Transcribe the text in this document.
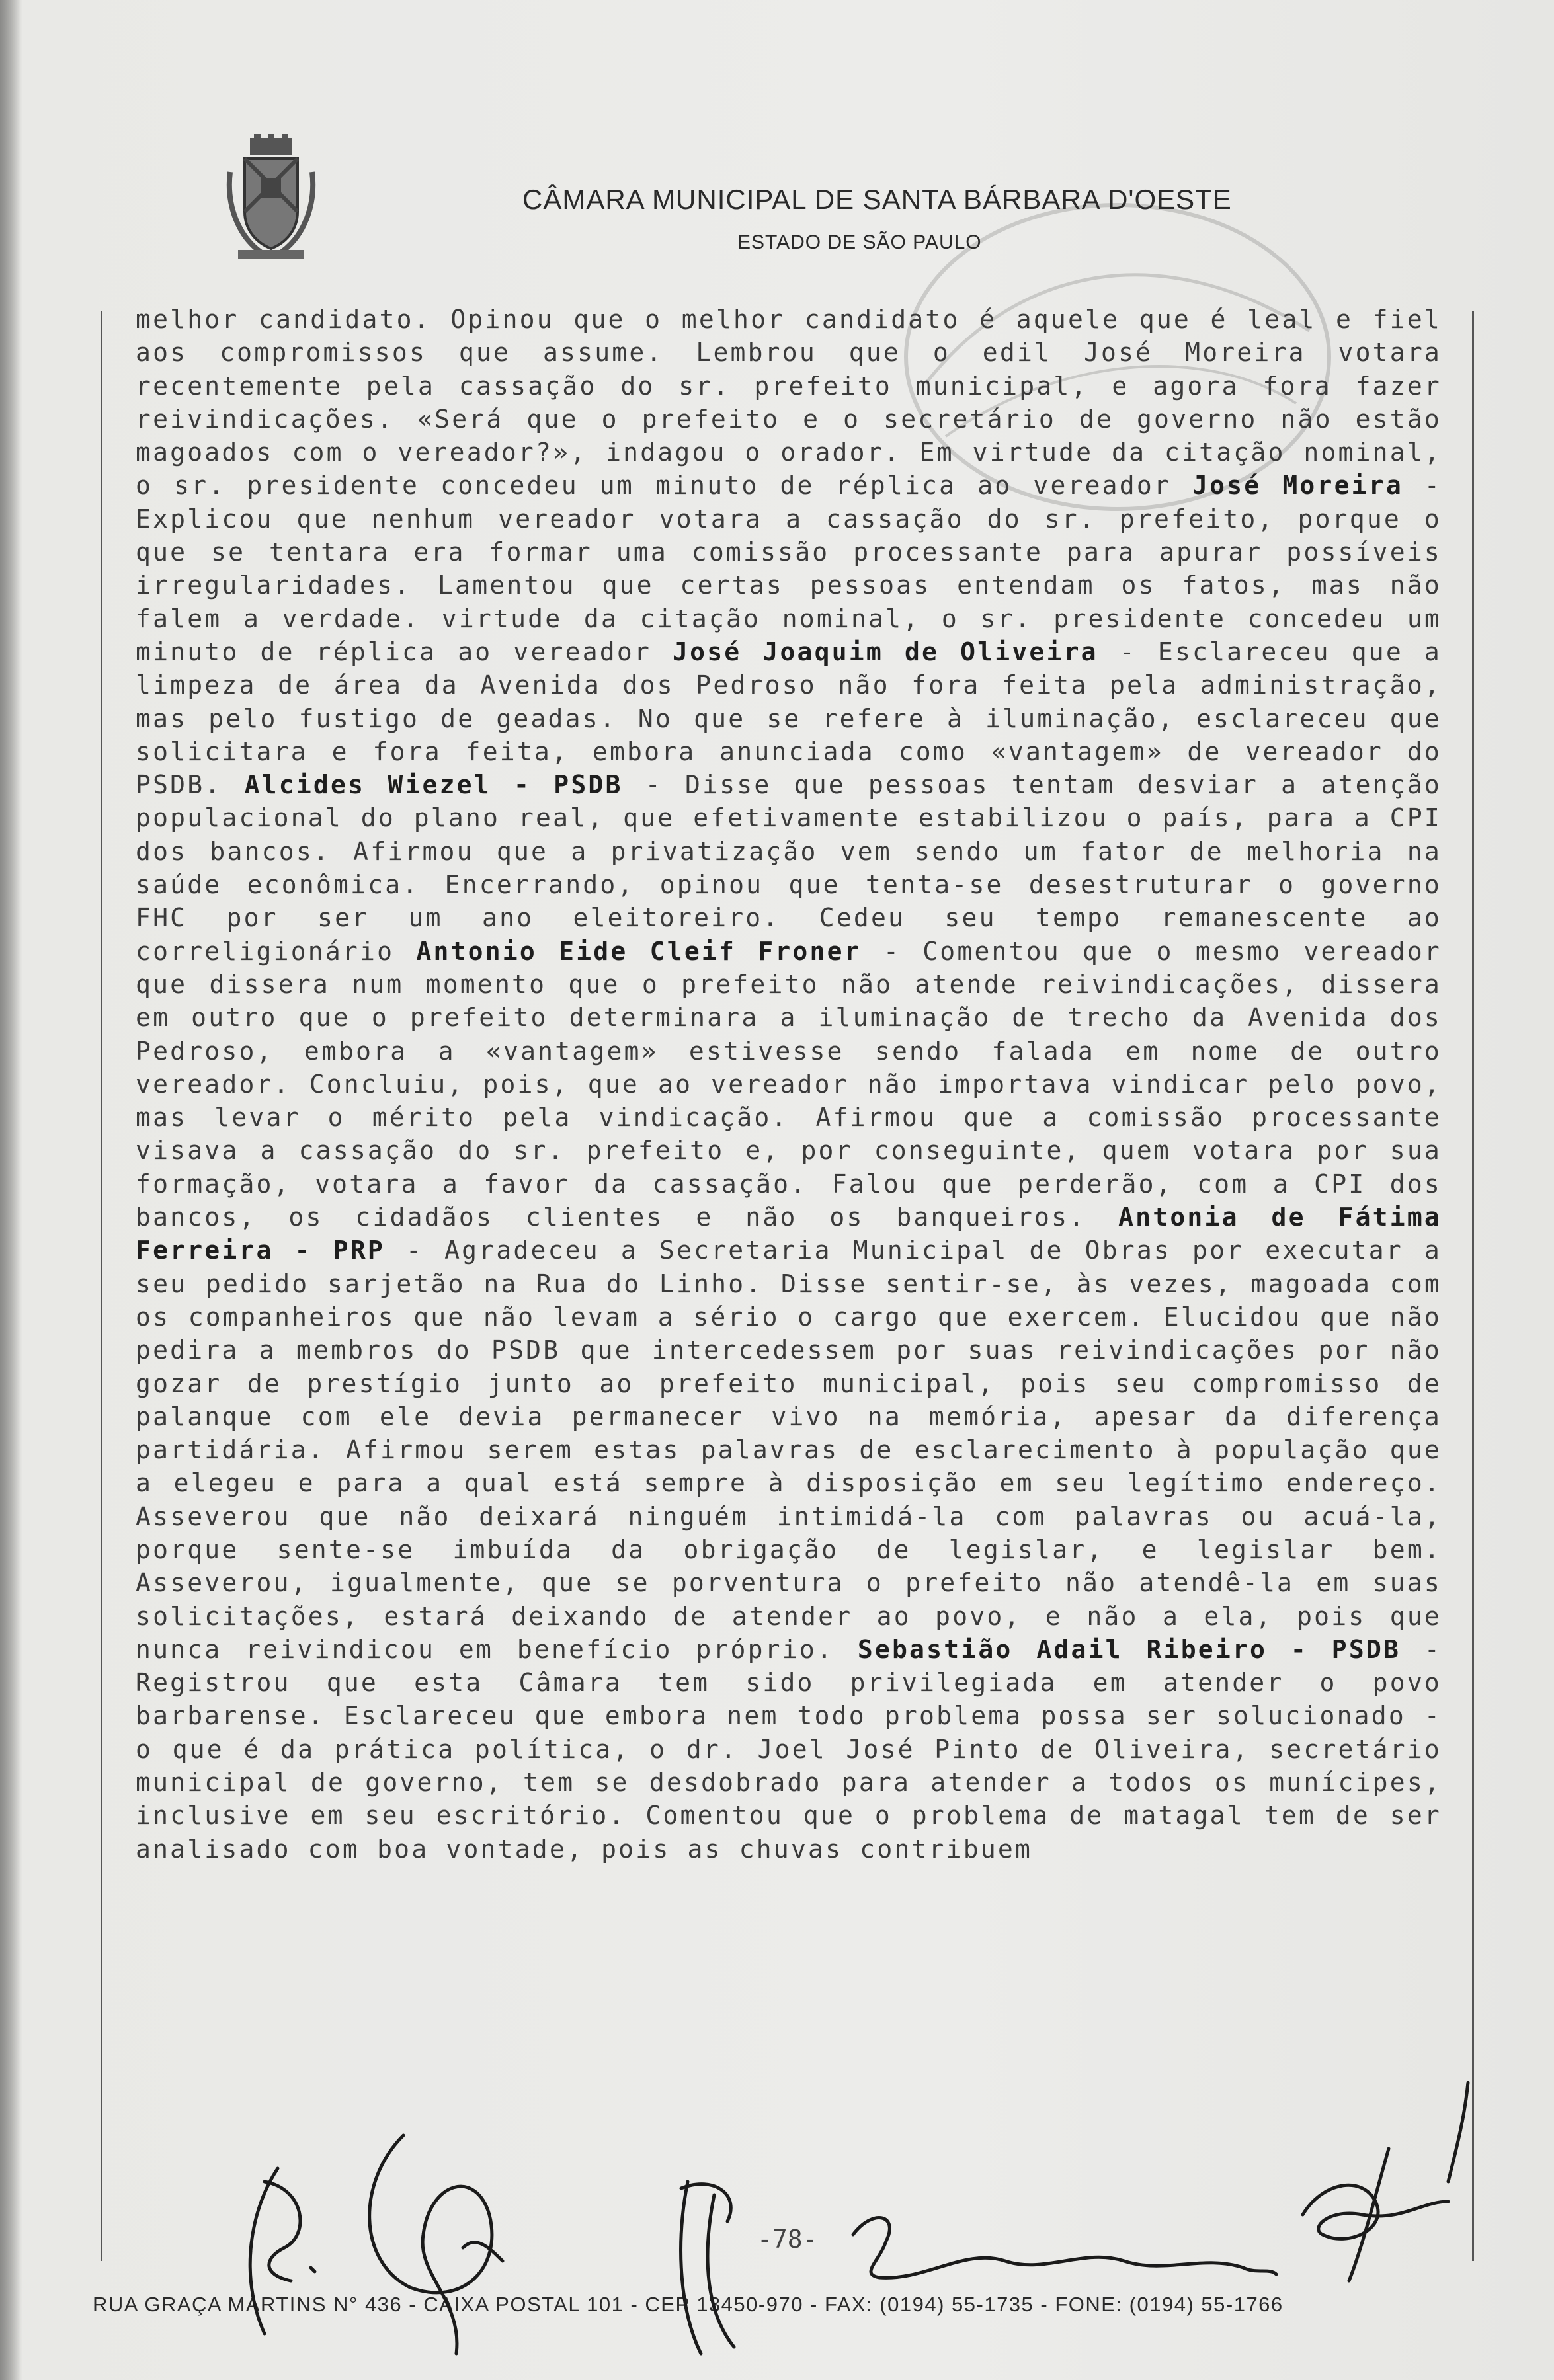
CÂMARA MUNICIPAL DE SANTA BÁRBARA D'OESTE
ESTADO DE SÃO PAULO

melhor candidato. Opinou que o melhor candidato é aquele que é leal e fiel aos compromissos que assume. Lembrou que o edil José Moreira votara recentemente pela cassação do sr. prefeito municipal, e agora fora fazer reivindicações. «Será que o prefeito e o secretário de governo não estão magoados com o vereador?», indagou o orador. Em virtude da citação nominal, o sr. presidente concedeu um minuto de réplica ao vereador José Moreira - Explicou que nenhum vereador votara a cassação do sr. prefeito, porque o que se tentara era formar uma comissão processante para apurar possíveis irregularidades. Lamentou que certas pessoas entendam os fatos, mas não falem a verdade. virtude da citação nominal, o sr. presidente concedeu um minuto de réplica ao vereador José Joaquim de Oliveira - Esclareceu que a limpeza de área da Avenida dos Pedroso não fora feita pela administração, mas pelo fustigo de geadas. No que se refere à iluminação, esclareceu que solicitara e fora feita, embora anunciada como «vantagem» de vereador do PSDB. Alcides Wiezel - PSDB - Disse que pessoas tentam desviar a atenção populacional do plano real, que efetivamente estabilizou o país, para a CPI dos bancos. Afirmou que a privatização vem sendo um fator de melhoria na saúde econômica. Encerrando, opinou que tenta-se desestruturar o governo FHC por ser um ano eleitoreiro. Cedeu seu tempo remanescente ao correligionário Antonio Eide Cleif Froner - Comentou que o mesmo vereador que dissera num momento que o prefeito não atende reivindicações, dissera em outro que o prefeito determinara a iluminação de trecho da Avenida dos Pedroso, embora a «vantagem» estivesse sendo falada em nome de outro vereador. Concluiu, pois, que ao vereador não importava vindicar pelo povo, mas levar o mérito pela vindicação. Afirmou que a comissão processante visava a cassação do sr. prefeito e, por conseguinte, quem votara por sua formação, votara a favor da cassação. Falou que perderão, com a CPI dos bancos, os cidadãos clientes e não os banqueiros. Antonia de Fátima Ferreira - PRP - Agradeceu a Secretaria Municipal de Obras por executar a seu pedido sarjetão na Rua do Linho. Disse sentir-se, às vezes, magoada com os companheiros que não levam a sério o cargo que exercem. Elucidou que não pedira a membros do PSDB que intercedessem por suas reivindicações por não gozar de prestígio junto ao prefeito municipal, pois seu compromisso de palanque com ele devia permanecer vivo na memória, apesar da diferença partidária. Afirmou serem estas palavras de esclarecimento à população que a elegeu e para a qual está sempre à disposição em seu legítimo endereço. Asseverou que não deixará ninguém intimidá-la com palavras ou acuá-la, porque sente-se imbuída da obrigação de legislar, e legislar bem. Asseverou, igualmente, que se porventura o prefeito não atendê-la em suas solicitações, estará deixando de atender ao povo, e não a ela, pois que nunca reivindicou em benefício próprio. Sebastião Adail Ribeiro - PSDB - Registrou que esta Câmara tem sido privilegiada em atender o povo barbarense. Esclareceu que embora nem todo problema possa ser solucionado - o que é da prática política, o dr. Joel José Pinto de Oliveira, secretário municipal de governo, tem se desdobrado para atender a todos os munícipes, inclusive em seu escritório. Comentou que o problema de matagal tem de ser analisado com boa vontade, pois as chuvas contribuem

-78-
RUA GRAÇA MARTINS N° 436 - CAIXA POSTAL 101 - CEP 13450-970 - FAX: (0194) 55-1735 - FONE: (0194) 55-1766
